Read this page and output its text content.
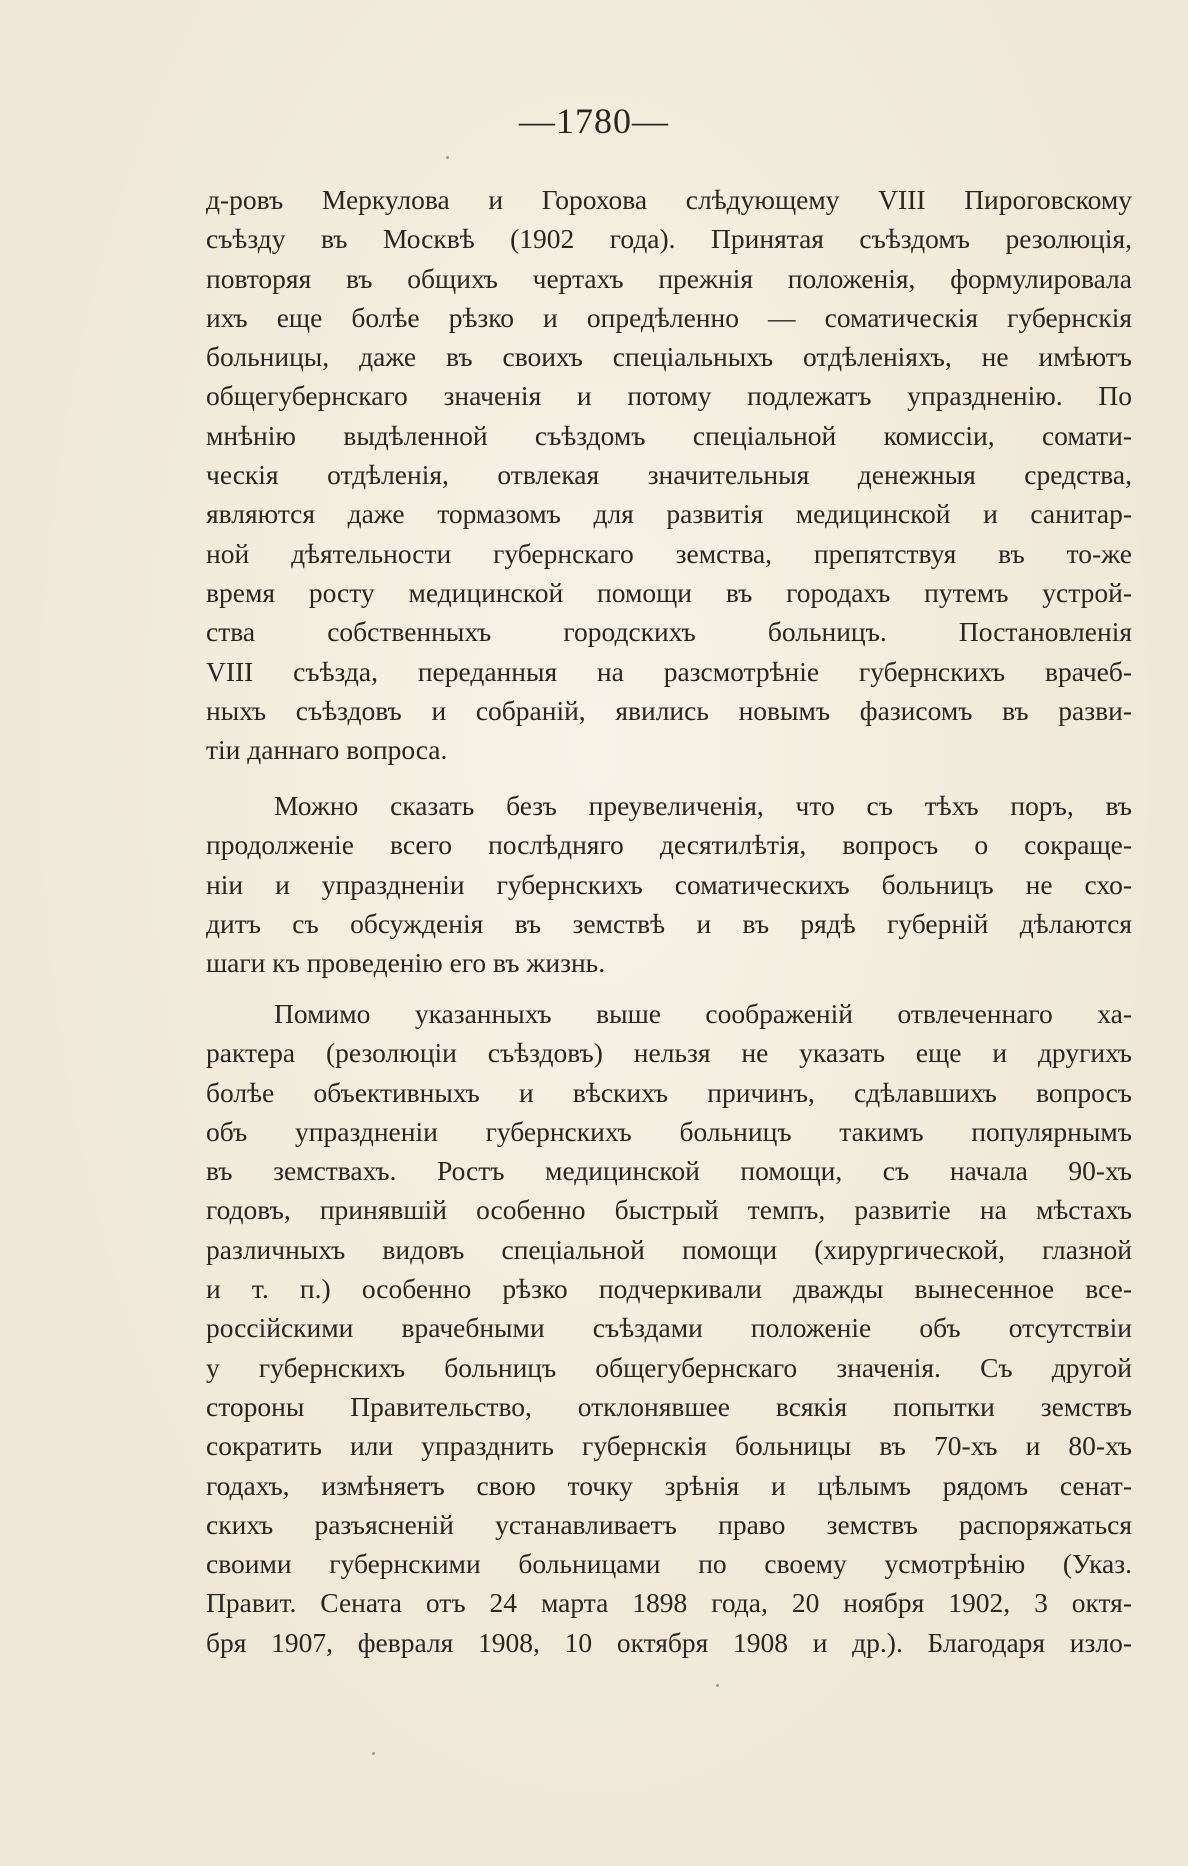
—1780—
д-ровъ Меркулова и Горохова слѣдующему VIII Пироговскому
съѣзду въ Москвѣ (1902 года). Принятая съѣздомъ резолюція,
повторяя въ общихъ чертахъ прежнія положенія, формулировала
ихъ еще болѣе рѣзко и опредѣленно — соматическія губернскія
больницы, даже въ своихъ спеціальныхъ отдѣленіяхъ, не имѣютъ
общегубернскаго значенія и потому подлежатъ упраздненію. По
мнѣнію выдѣленной съѣздомъ спеціальной комиссіи, сомати-
ческія отдѣленія, отвлекая значительныя денежныя средства,
являются даже тормазомъ для развитія медицинской и санитар-
ной дѣятельности губернскаго земства, препятствуя въ то-же
время росту медицинской помощи въ городахъ путемъ устрой-
ства собственныхъ городскихъ больницъ. Постановленія
VIII съѣзда, переданныя на разсмотрѣніе губернскихъ врачеб-
ныхъ съѣздовъ и собраній, явились новымъ фазисомъ въ разви-
тіи даннаго вопроса.
Можно сказать безъ преувеличенія, что съ тѣхъ поръ, въ
продолженіе всего послѣдняго десятилѣтія, вопросъ о сокраще-
ніи и упраздненіи губернскихъ соматическихъ больницъ не схо-
дитъ съ обсужденія въ земствѣ и въ рядѣ губерній дѣлаются
шаги къ проведенію его въ жизнь.
Помимо указанныхъ выше соображеній отвлеченнаго ха-
рактера (резолюціи съѣздовъ) нельзя не указать еще и другихъ
болѣе объективныхъ и вѣскихъ причинъ, сдѣлавшихъ вопросъ
объ упраздненіи губернскихъ больницъ такимъ популярнымъ
въ земствахъ. Ростъ медицинской помощи, съ начала 90-хъ
годовъ, принявшій особенно быстрый темпъ, развитіе на мѣстахъ
различныхъ видовъ спеціальной помощи (хирургической, глазной
и т. п.) особенно рѣзко подчеркивали дважды вынесенное все-
россійскими врачебными съѣздами положеніе объ отсутствіи
у губернскихъ больницъ общегубернскаго значенія. Съ другой
стороны Правительство, отклонявшее всякія попытки земствъ
сократить или упразднить губернскія больницы въ 70-хъ и 80-хъ
годахъ, измѣняетъ свою точку зрѣнія и цѣлымъ рядомъ сенат-
скихъ разъясненій устанавливаетъ право земствъ распоряжаться
своими губернскими больницами по своему усмотрѣнію (Указ.
Правит. Сената отъ 24 марта 1898 года, 20 ноября 1902, 3 октя-
бря 1907, февраля 1908, 10 октября 1908 и др.). Благодаря изло-
